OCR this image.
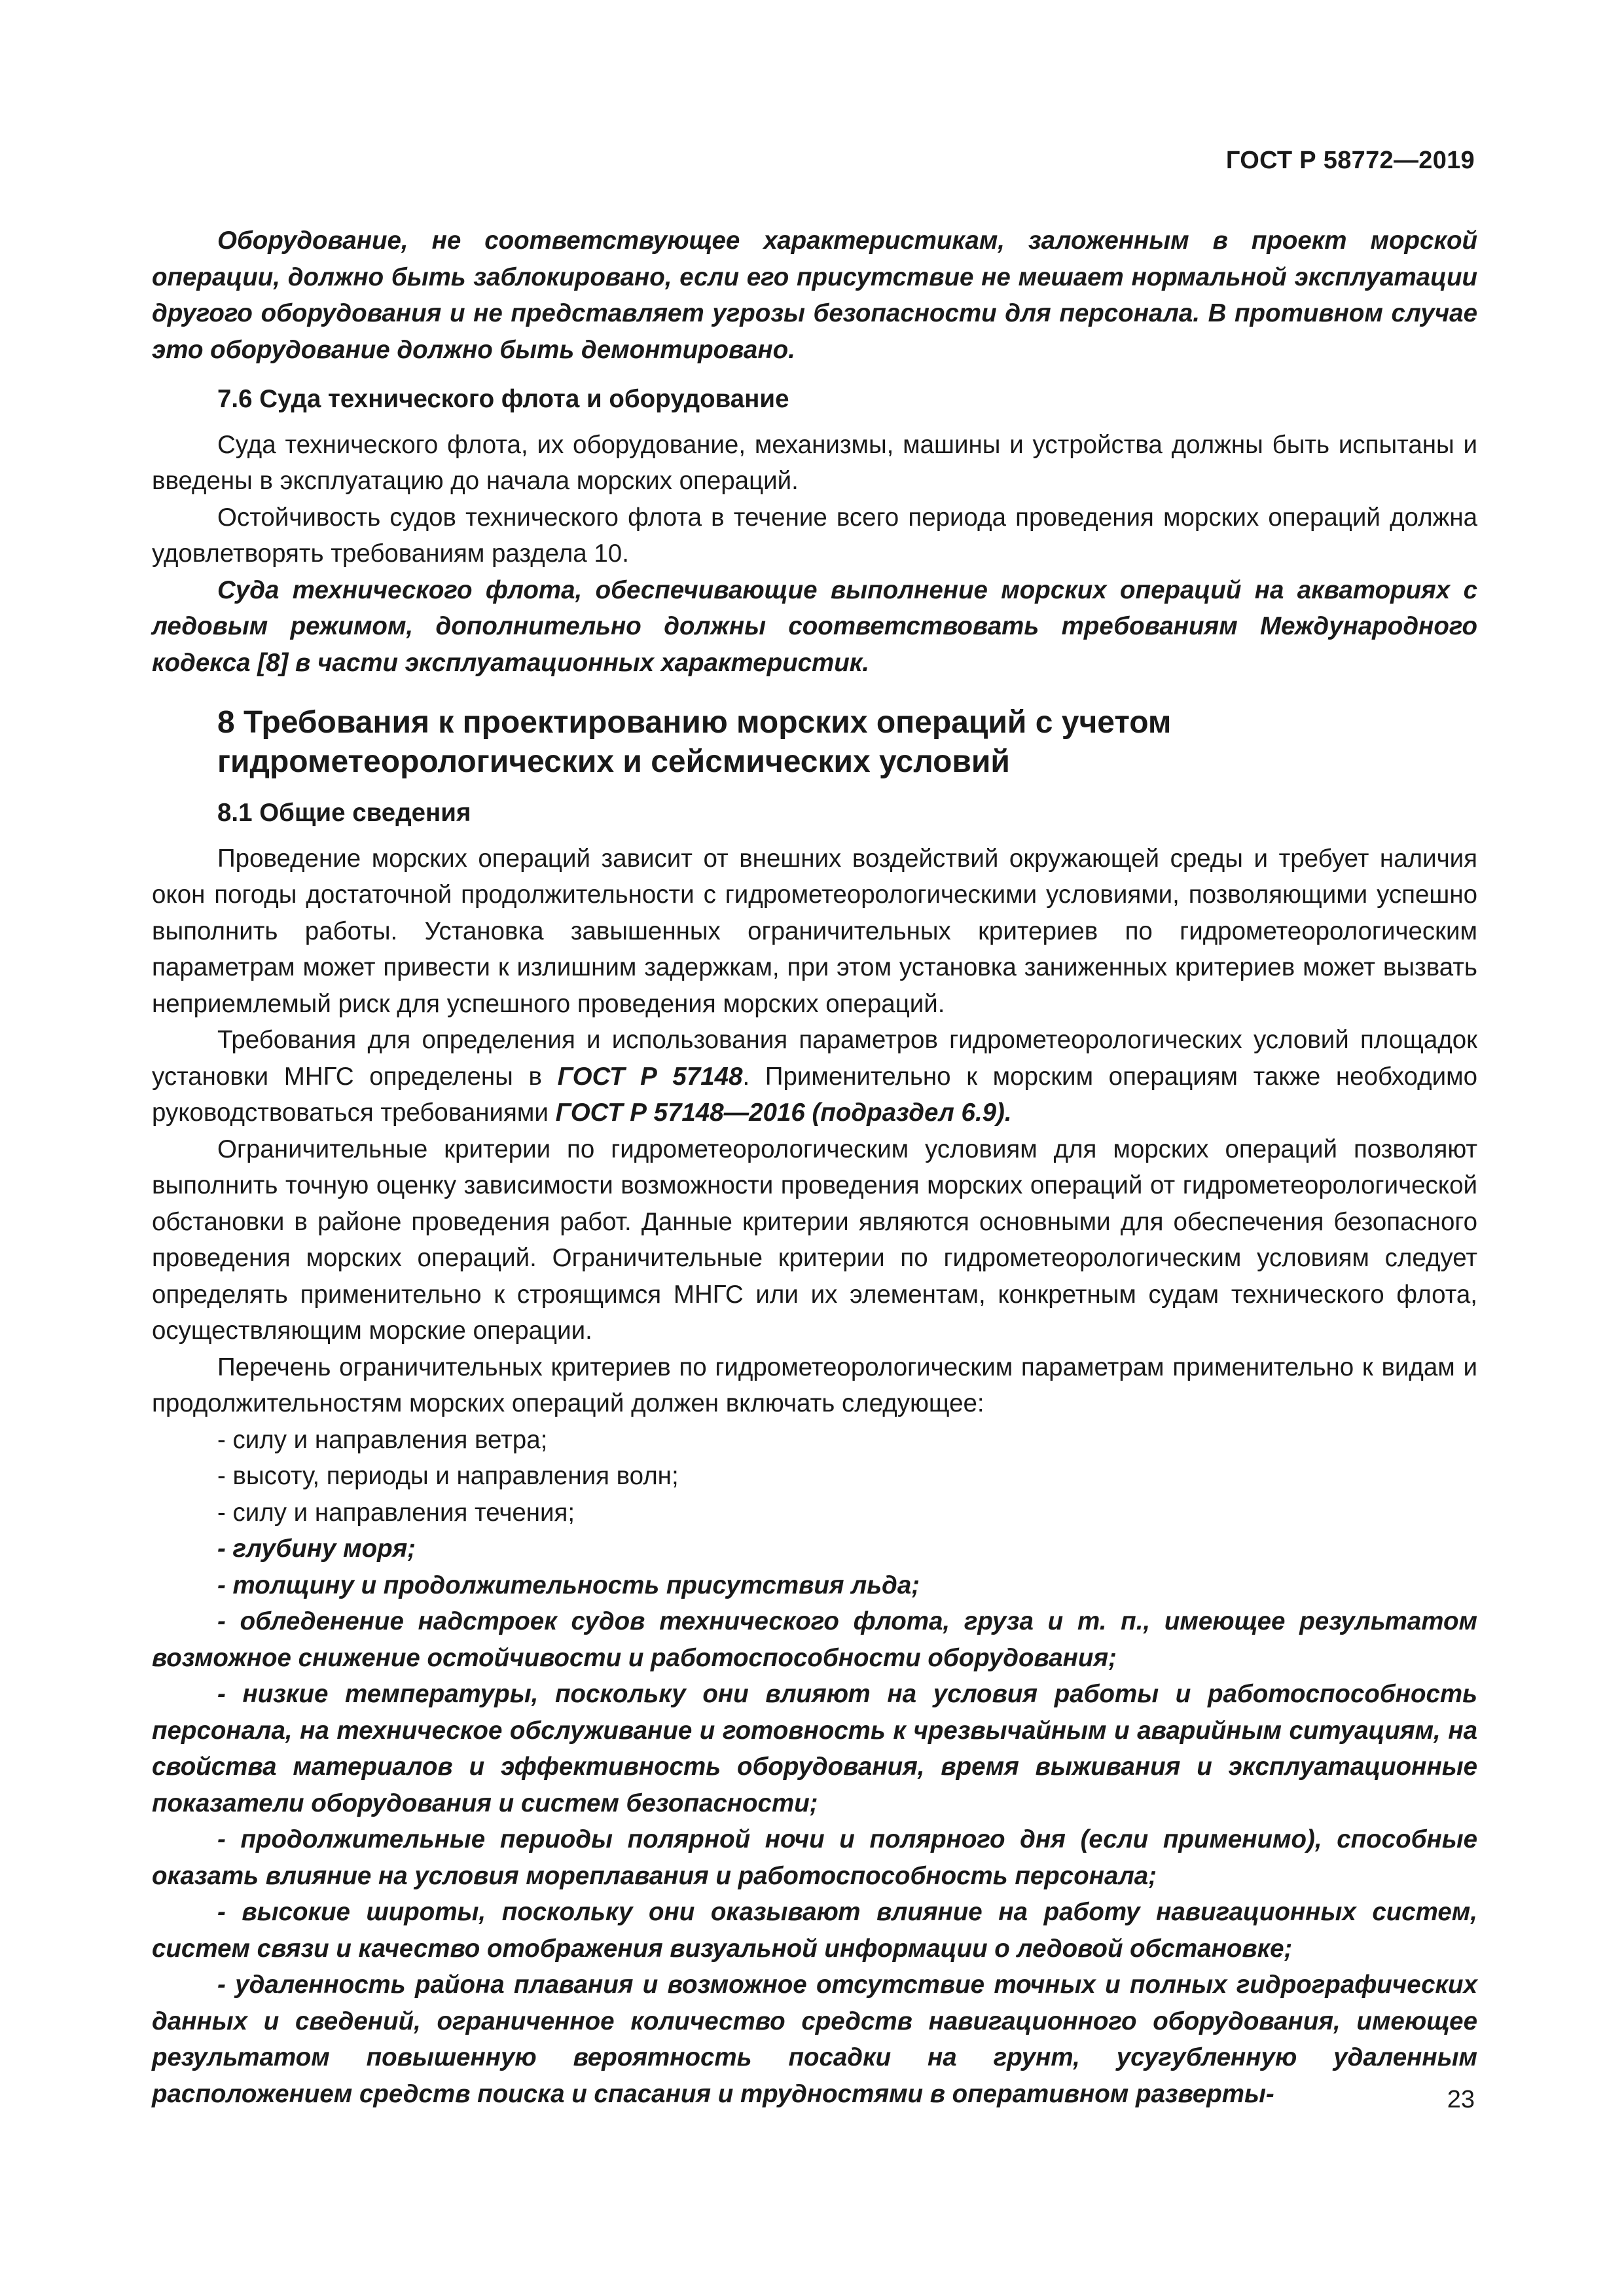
ГОСТ Р 58772—2019

Оборудование, не соответствующее характеристикам, заложенным в проект морской операции, должно быть заблокировано, если его присутствие не мешает нормальной эксплуатации другого оборудования и не представляет угрозы безопасности для персонала. В противном случае это оборудование должно быть демонтировано.

7.6 Суда технического флота и оборудование

Суда технического флота, их оборудование, механизмы, машины и устройства должны быть испытаны и введены в эксплуатацию до начала морских операций.

Остойчивость судов технического флота в течение всего периода проведения морских операций должна удовлетворять требованиям раздела 10.

Суда технического флота, обеспечивающие выполнение морских операций на акваториях с ледовым режимом, дополнительно должны соответствовать требованиям Международного кодекса [8] в части эксплуатационных характеристик.

8 Требования к проектированию морских операций с учетом
гидрометеорологических и сейсмических условий
8.1 Общие сведения

Проведение морских операций зависит от внешних воздействий окружающей среды и требует наличия окон погоды достаточной продолжительности с гидрометеорологическими условиями, позволяющими успешно выполнить работы. Установка завышенных ограничительных критериев по гидрометеорологическим параметрам может привести к излишним задержкам, при этом установка заниженных критериев может вызвать неприемлемый риск для успешного проведения морских операций.

Требования для определения и использования параметров гидрометеорологических условий площадок установки МНГС определены в ГОСТ Р 57148. Применительно к морским операциям также необходимо руководствоваться требованиями ГОСТ Р 57148—2016 (подраздел 6.9).

Ограничительные критерии по гидрометеорологическим условиям для морских операций позволяют выполнить точную оценку зависимости возможности проведения морских операций от гидрометеорологической обстановки в районе проведения работ. Данные критерии являются основными для обеспечения безопасного проведения морских операций. Ограничительные критерии по гидрометеорологическим условиям следует определять применительно к строящимся МНГС или их элементам, конкретным судам технического флота, осуществляющим морские операции.

Перечень ограничительных критериев по гидрометеорологическим параметрам применительно к видам и продолжительностям морских операций должен включать следующее:

- силу и направления ветра;

- высоту, периоды и направления волн;

- силу и направления течения;

- глубину моря;

- толщину и продолжительность присутствия льда;

- обледенение надстроек судов технического флота, груза и т. п., имеющее результатом возможное снижение остойчивости и работоспособности оборудования;

- низкие температуры, поскольку они влияют на условия работы и работоспособность персонала, на техническое обслуживание и готовность к чрезвычайным и аварийным ситуациям, на свойства материалов и эффективность оборудования, время выживания и эксплуатационные показатели оборудования и систем безопасности;

- продолжительные периоды полярной ночи и полярного дня (если применимо), способные оказать влияние на условия мореплавания и работоспособность персонала;

- высокие широты, поскольку они оказывают влияние на работу навигационных систем, систем связи и качество отображения визуальной информации о ледовой обстановке;

- удаленность района плавания и возможное отсутствие точных и полных гидрографических данных и сведений, ограниченное количество средств навигационного оборудования, имеющее результатом повышенную вероятность посадки на грунт, усугубленную удаленным расположением средств поиска и спасания и трудностями в оперативном разверты-	23
